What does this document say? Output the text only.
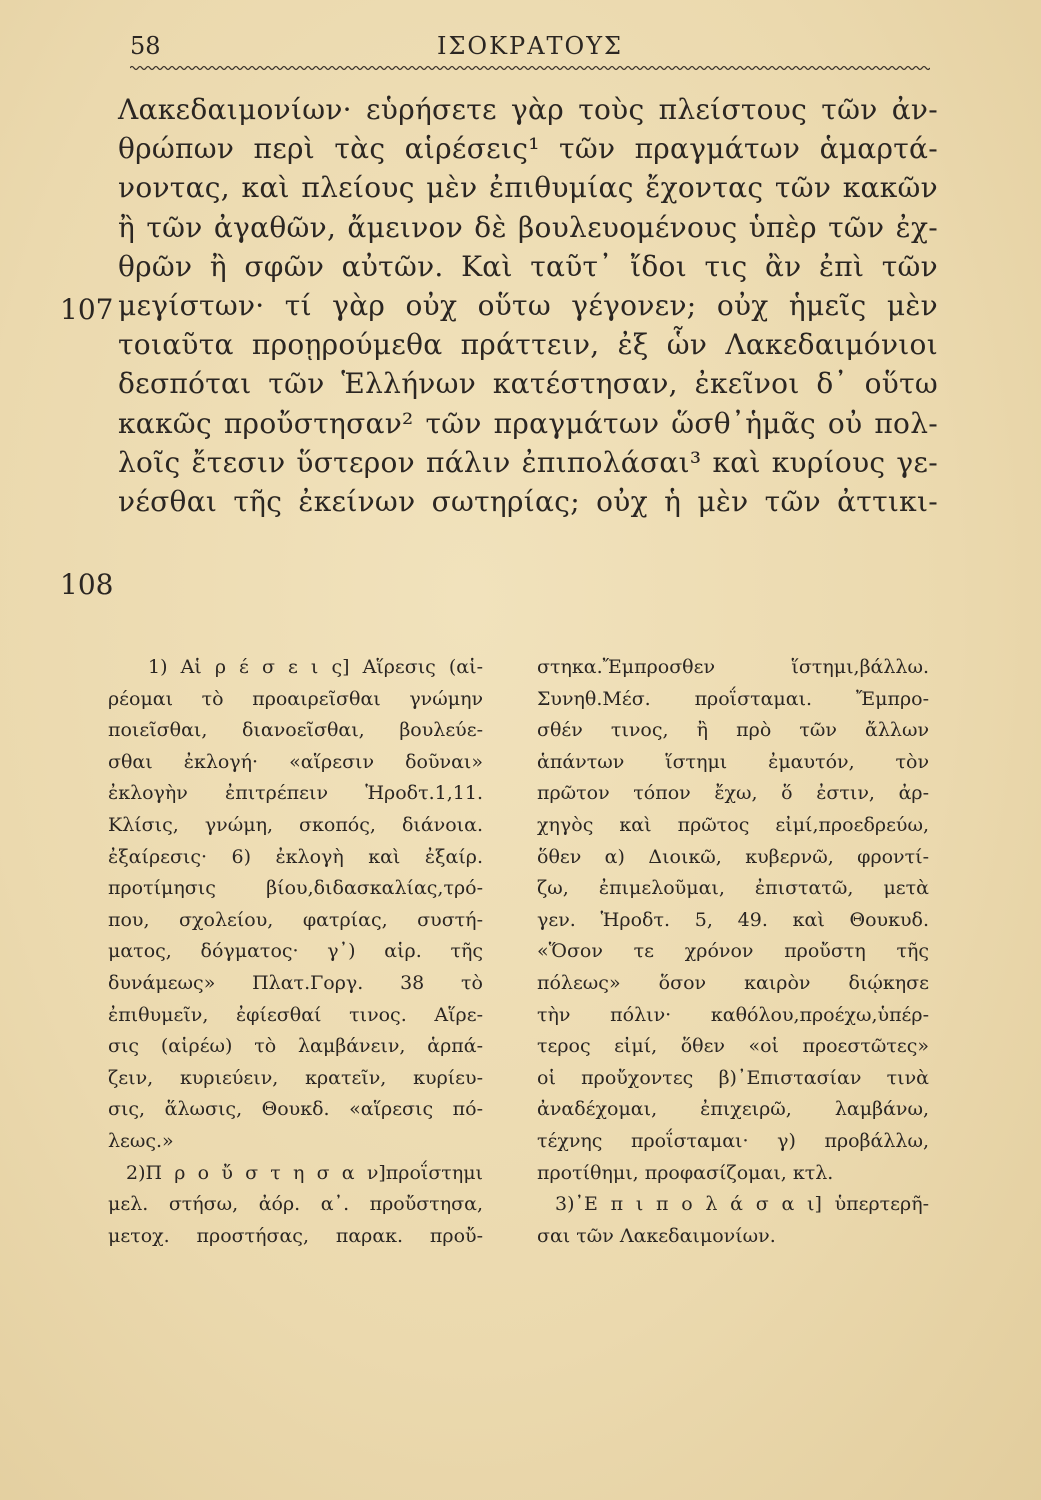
58	ΙΣΟΚΡΑΤΟΥΣ
107
108
Λακεδαιμονίων· εὑρήσετε γὰρ τοὺς πλείστους τῶν ἀν-
θρώπων περὶ τὰς αἱρέσεις¹ τῶν πραγμάτων ἁμαρτά-
νοντας, καὶ πλείους μὲν ἐπιθυμίας ἔχοντας τῶν κακῶν
ἢ τῶν ἀγαθῶν, ἄμεινον δὲ βουλευομένους ὑπὲρ τῶν ἐχ-
θρῶν ἢ σφῶν αὐτῶν. Καὶ ταῦτ᾽ ἴδοι τις ἂν ἐπὶ τῶν
μεγίστων· τί γὰρ οὐχ οὕτω γέγονεν; οὐχ ἡμεῖς μὲν
τοιαῦτα προῃρούμεθα πράττειν, ἐξ ὧν Λακεδαιμόνιοι
δεσπόται τῶν Ἑλλήνων κατέστησαν, ἐκεῖνοι δ᾽ οὕτω
κακῶς προὔστησαν² τῶν πραγμάτων ὥσθ᾽ἡμᾶς οὐ πολ-
λοῖς ἔτεσιν ὕστερον πάλιν ἐπιπολάσαι³ καὶ κυρίους γε-
νέσθαι τῆς ἐκείνων σωτηρίας; οὐχ ἡ μὲν τῶν ἀττικι-
1) Αἱ ρ έ σ ε ι ς] Αἵρεσις (αἱ-
ρέομαι τὸ προαιρεῖσθαι γνώμην
ποιεῖσθαι, διανοεῖσθαι, βουλεύε-
σθαι ἐκλογή· «αἵρεσιν δοῦναι»
ἐκλογὴν ἐπιτρέπειν Ἡροδτ.1,11.
Κλίσις, γνώμη, σκοπός, διάνοια.
ἐξαίρεσις· 6) ἐκλογὴ καὶ ἐξαίρ.
προτίμησις βίου,διδασκαλίας,τρό-
που, σχολείου, φατρίας, συστή-
ματος, δόγματος· γ᾽) αἱρ. τῆς
δυνάμεως» Πλατ.Γοργ. 38 τὸ
ἐπιθυμεῖν, ἐφίεσθαί τινος. Αἵρε-
σις (αἱρέω) τὸ λαμβάνειν, ἁρπά-
ζειν, κυριεύειν, κρατεῖν, κυρίευ-
σις, ἅλωσις, Θουκδ. «αἵρεσις πό-
λεως.»
2)Π ρ ο ὔ σ τ η σ α ν]προΐστημι
μελ. στήσω, ἀόρ. α᾽. προὔστησα,
μετοχ. προστήσας, παρακ. προὔ-
στηκα.Ἔμπροσθεν ἵστημι,βάλλω.
Συνηθ.Μέσ. προΐσταμαι. Ἔμπρο-
σθέν τινος, ἢ πρὸ τῶν ἄλλων
ἁπάντων ἵστημι ἐμαυτόν, τὸν
πρῶτον τόπον ἔχω, ὅ ἐστιν, ἀρ-
χηγὸς καὶ πρῶτος εἰμί,προεδρεύω,
ὅθεν α) Διοικῶ, κυβερνῶ, φροντί-
ζω, ἐπιμελοῦμαι, ἐπιστατῶ, μετὰ
γεν. Ἡροδτ. 5, 49. καὶ Θουκυδ.
«Ὅσον τε χρόνον προὔστη τῆς
πόλεως» ὅσον καιρὸν διῴκησε
τὴν πόλιν· καθόλου,προέχω,ὑπέρ-
τερος εἰμί, ὅθεν «οἱ προεστῶτες»
οἱ προὔχοντες β)᾽Επιστασίαν τινὰ
ἀναδέχομαι, ἐπιχειρῶ, λαμβάνω,
τέχνης προΐσταμαι· γ) προβάλλω,
προτίθημι, προφασίζομαι, κτλ.
3)᾽Ε π ι π ο λ ά σ α ι] ὑπερτερῆ-
σαι τῶν Λακεδαιμονίων.
